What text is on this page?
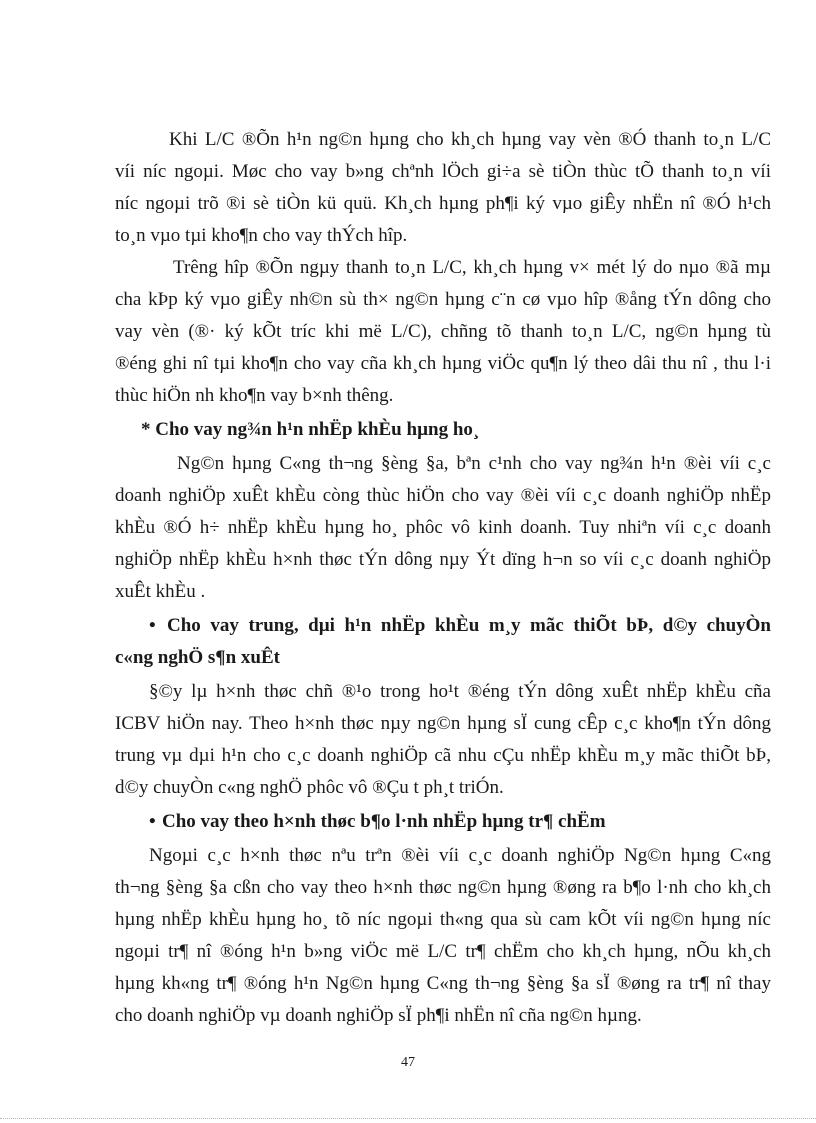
Khi L/C ®Õn h¹n ng©n hµng cho kh¸ch hµng vay vèn ®Ó thanh to¸n L/C
víi níc ngoµi. Møc cho vay b»ng chªnh lÖch gi÷a sè tiÒn thùc tÕ thanh to¸n víi
níc ngoµi trõ ®i sè tiÒn kü quü. Kh¸ch hµng ph¶i ký vµo giÊy nhËn nî ®Ó h¹ch
to¸n vµo tµi kho¶n cho vay thÝch hîp.
Trêng hîp ®Õn ngµy thanh to¸n L/C, kh¸ch hµng v× mét lý do nµo ®ã mµ
cha kÞp ký vµo giÊy nh©n sù th× ng©n hµng c¨n cø vµo hîp ®ång tÝn dông cho
vay vèn (®· ký kÕt tríc khi më L/C), chñng tõ thanh to¸n L/C, ng©n hµng tù
®éng ghi nî tµi kho¶n cho vay cña kh¸ch hµng viÖc qu¶n lý theo dâi thu nî , thu l·i
thùc hiÖn nh kho¶n vay b×nh thêng.
* Cho vay ng¾n h¹n nhËp khÈu hµng ho¸
Ng©n hµng C«ng th¬ng §èng §a, bªn c¹nh cho vay ng¾n h¹n ®èi víi c¸c
doanh nghiÖp xuÊt khÈu còng thùc hiÖn cho vay ®èi víi c¸c doanh nghiÖp nhËp
khÈu ®Ó h÷ nhËp khÈu hµng ho¸ phôc vô kinh doanh. Tuy nhiªn víi c¸c doanh
nghiÖp nhËp khÈu h×nh thøc tÝn dông nµy Ýt dïng h¬n so víi c¸c doanh nghiÖp
xuÊt khÈu .
• Cho vay trung, dµi h¹n nhËp khÈu m¸y mãc thiÕt bÞ, d©y chuyÒn
c«ng nghÖ s¶n xuÊt
§©y lµ h×nh thøc chñ ®¹o trong ho¹t ®éng tÝn dông xuÊt nhËp khÈu cña
ICBV hiÖn nay. Theo h×nh thøc nµy ng©n hµng sÏ cung cÊp c¸c kho¶n tÝn dông
trung vµ dµi h¹n cho c¸c doanh nghiÖp cã nhu cÇu nhËp khÈu m¸y mãc thiÕt bÞ,
d©y chuyÒn c«ng nghÖ phôc vô ®Çu t ph¸t triÓn.
• Cho vay theo h×nh thøc b¶o l·nh nhËp hµng tr¶ chËm
Ngoµi c¸c h×nh thøc nªu trªn ®èi víi c¸c doanh nghiÖp Ng©n hµng C«ng
th¬ng §èng §a cßn cho vay theo h×nh thøc ng©n hµng ®øng ra b¶o l·nh cho kh¸ch
hµng nhËp khÈu hµng ho¸ tõ níc ngoµi th«ng qua sù cam kÕt víi ng©n hµng níc
ngoµi tr¶ nî ®óng h¹n b»ng viÖc më L/C tr¶ chËm cho kh¸ch hµng, nÕu kh¸ch
hµng kh«ng tr¶ ®óng h¹n Ng©n hµng C«ng th¬ng §èng §a sÏ ®øng ra tr¶ nî thay
cho doanh nghiÖp vµ doanh nghiÖp sÏ ph¶i nhËn nî cña ng©n hµng.
47
